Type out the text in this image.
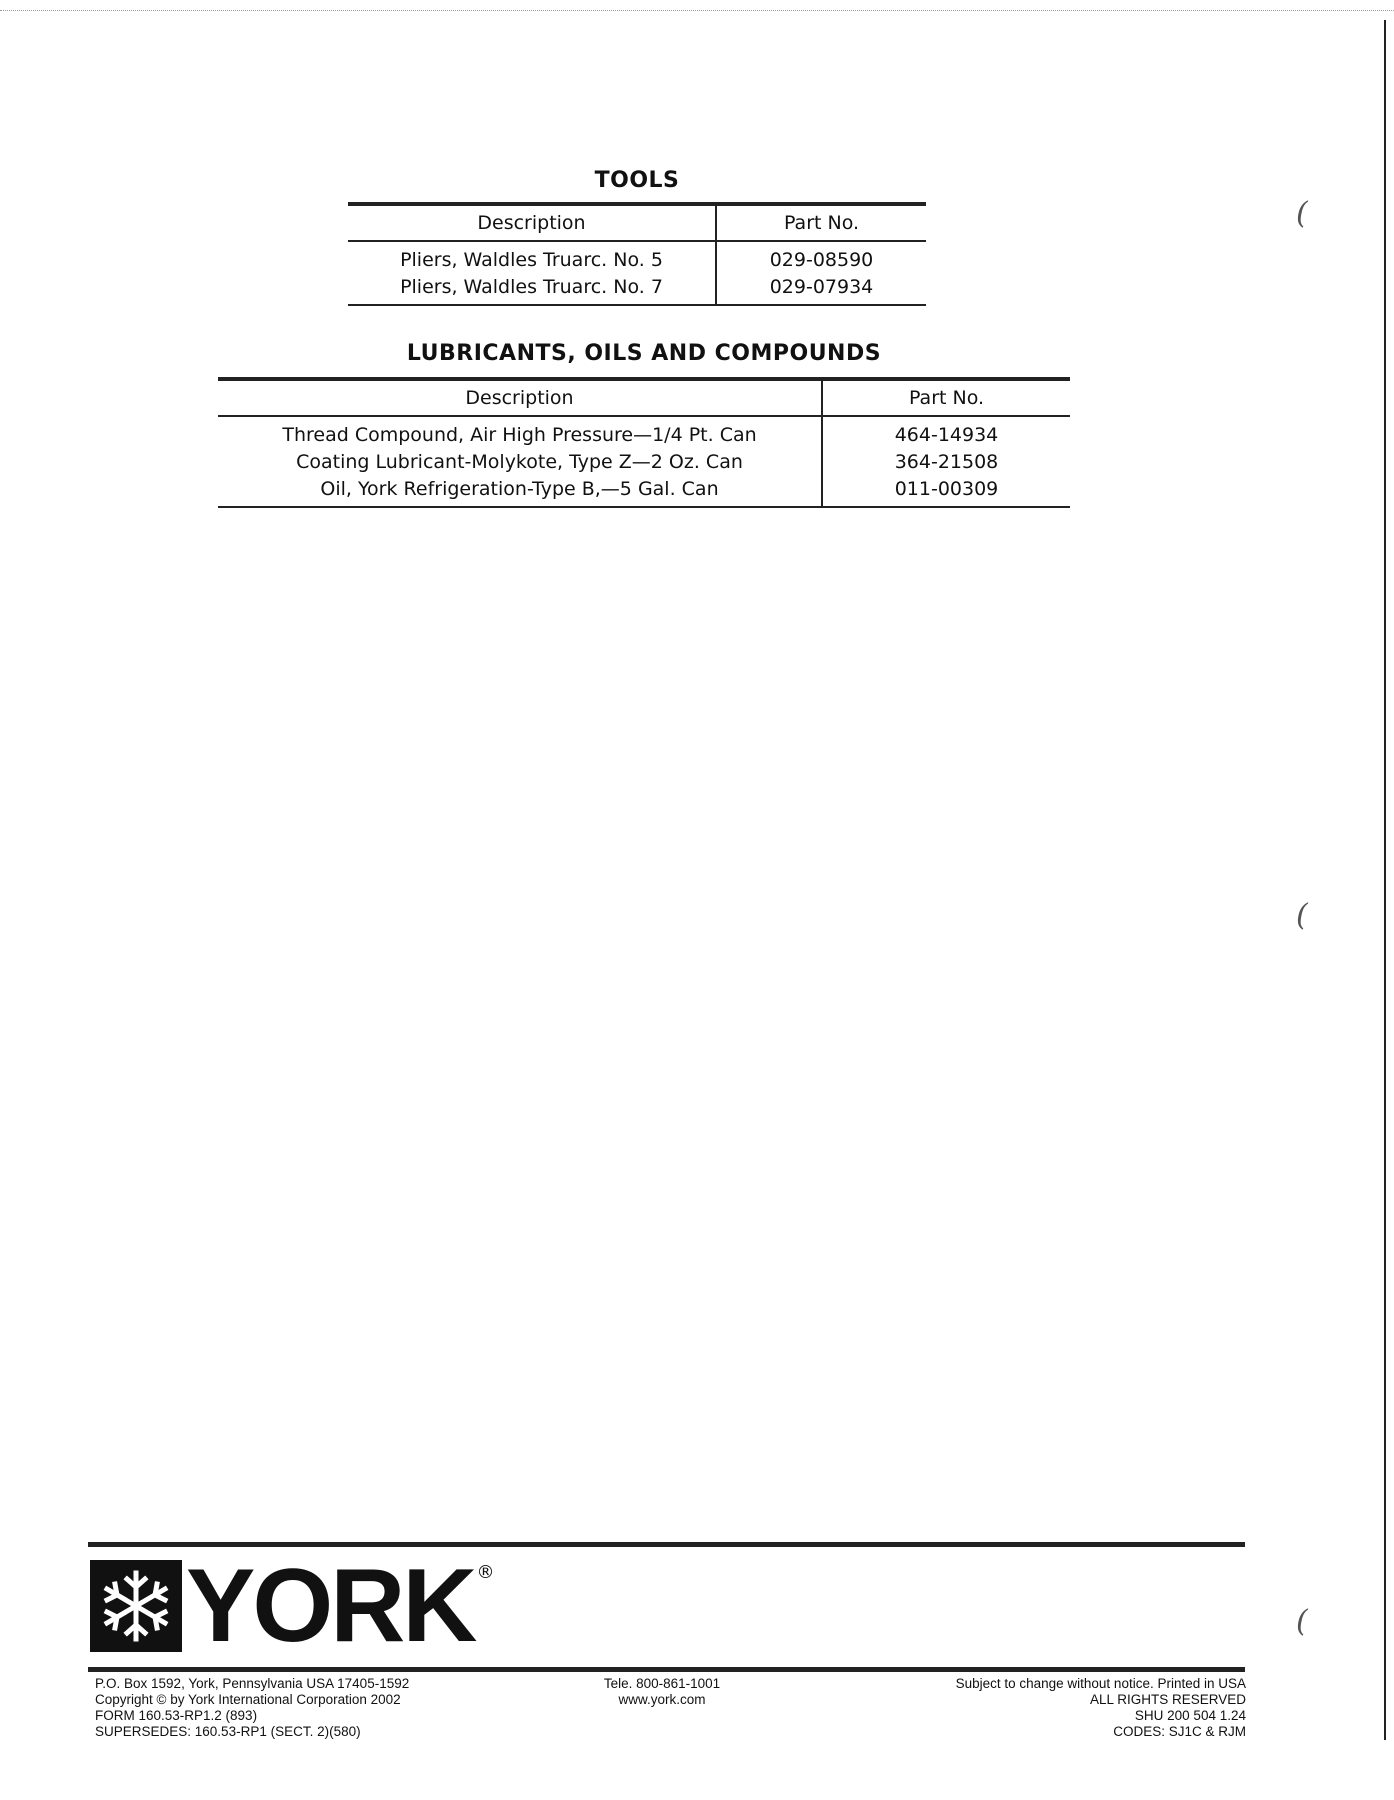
(
(
(
TOOLS
Description	Part No.
Pliers, Waldles Truarc. No. 5	029-08590
Pliers, Waldles Truarc. No. 7	029-07934
LUBRICANTS, OILS AND COMPOUNDS
Description	Part No.
Thread Compound, Air High Pressure—1/4 Pt. Can	464-14934
Coating Lubricant-Molykote, Type Z—2 Oz. Can	364-21508
Oil, York Refrigeration-Type B,—5 Gal. Can	011-00309
YORK ®
P.O. Box 1592, York, Pennsylvania USA 17405-1592
Copyright © by York International Corporation 2002
FORM 160.53-RP1.2 (893)
SUPERSEDES: 160.53-RP1 (SECT. 2)(580)
Tele. 800-861-1001
www.york.com
Subject to change without notice. Printed in USA
ALL RIGHTS RESERVED
SHU 200 504 1.24
CODES: SJ1C & RJM
